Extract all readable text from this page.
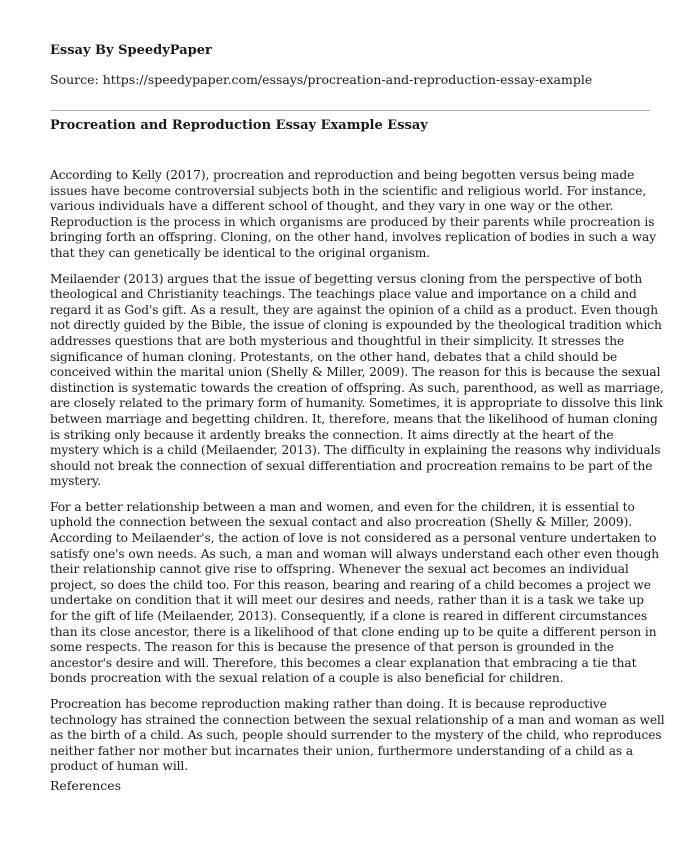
Essay By SpeedyPaper
Source: https://speedypaper.com/essays/procreation-and-reproduction-essay-example
Procreation and Reproduction Essay Example Essay

According to Kelly (2017), procreation and reproduction and being begotten versus being made issues have become controversial subjects both in the scientific and religious world. For instance, various individuals have a different school of thought, and they vary in one way or the other. Reproduction is the process in which organisms are produced by their parents while procreation is bringing forth an offspring. Cloning, on the other hand, involves replication of bodies in such a way that they can genetically be identical to the original organism.

Meilaender (2013) argues that the issue of begetting versus cloning from the perspective of both theological and Christianity teachings. The teachings place value and importance on a child and regard it as God's gift. As a result, they are against the opinion of a child as a product. Even though not directly guided by the Bible, the issue of cloning is expounded by the theological tradition which addresses questions that are both mysterious and thoughtful in their simplicity. It stresses the significance of human cloning. Protestants, on the other hand, debates that a child should be conceived within the marital union (Shelly & Miller, 2009). The reason for this is because the sexual distinction is systematic towards the creation of offspring. As such, parenthood, as well as marriage, are closely related to the primary form of humanity. Sometimes, it is appropriate to dissolve this link between marriage and begetting children. It, therefore, means that the likelihood of human cloning is striking only because it ardently breaks the connection. It aims directly at the heart of the mystery which is a child (Meilaender, 2013). The difficulty in explaining the reasons why individuals should not break the connection of sexual differentiation and procreation remains to be part of the mystery.

For a better relationship between a man and women, and even for the children, it is essential to uphold the connection between the sexual contact and also procreation (Shelly & Miller, 2009). According to Meilaender's, the action of love is not considered as a personal venture undertaken to satisfy one's own needs. As such, a man and woman will always understand each other even though their relationship cannot give rise to offspring. Whenever the sexual act becomes an individual project, so does the child too. For this reason, bearing and rearing of a child becomes a project we undertake on condition that it will meet our desires and needs, rather than it is a task we take up for the gift of life (Meilaender, 2013). Consequently, if a clone is reared in different circumstances than its close ancestor, there is a likelihood of that clone ending up to be quite a different person in some respects. The reason for this is because the presence of that person is grounded in the ancestor's desire and will. Therefore, this becomes a clear explanation that embracing a tie that bonds procreation with the sexual relation of a couple is also beneficial for children.

Procreation has become reproduction making rather than doing. It is because reproductive technology has strained the connection between the sexual relationship of a man and woman as well as the birth of a child. As such, people should surrender to the mystery of the child, who reproduces neither father nor mother but incarnates their union, furthermore understanding of a child as a product of human will.

References
